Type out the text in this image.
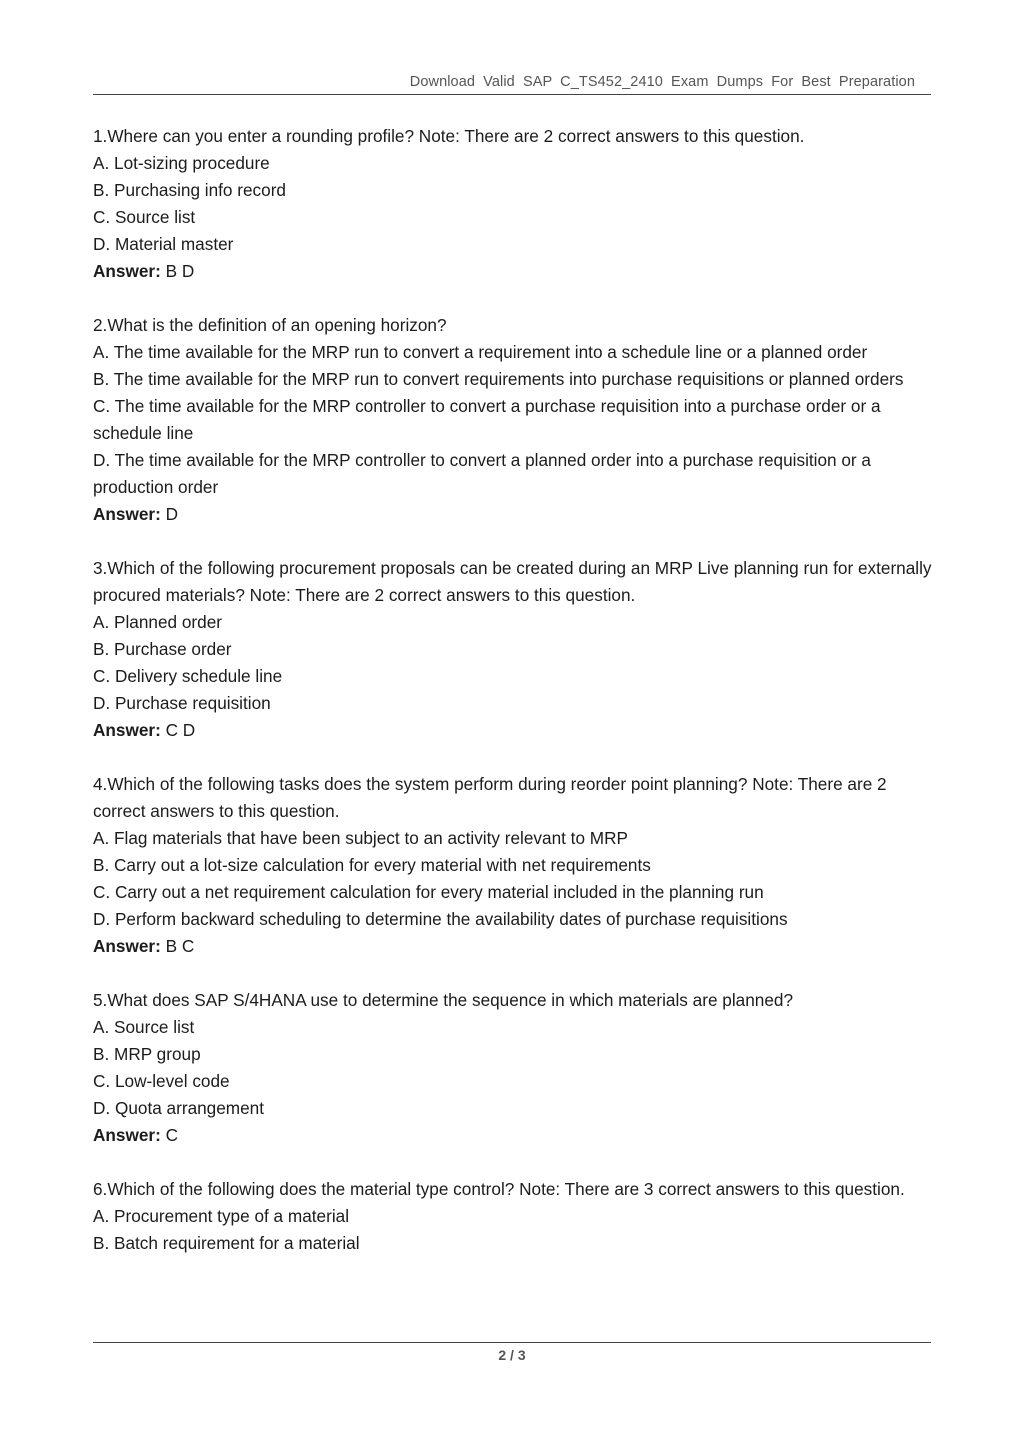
Download Valid SAP C_TS452_2410 Exam Dumps For Best Preparation

1.Where can you enter a rounding profile? Note: There are 2 correct answers to this question.

A. Lot-sizing procedure

B. Purchasing info record

C. Source list

D. Material master

Answer: B D

2.What is the definition of an opening horizon?

A. The time available for the MRP run to convert a requirement into a schedule line or a planned order

B. The time available for the MRP run to convert requirements into purchase requisitions or planned orders

C. The time available for the MRP controller to convert a purchase requisition into a purchase order or a schedule line

D. The time available for the MRP controller to convert a planned order into a purchase requisition or a production order

Answer: D

3.Which of the following procurement proposals can be created during an MRP Live planning run for externally procured materials? Note: There are 2 correct answers to this question.

A. Planned order

B. Purchase order

C. Delivery schedule line

D. Purchase requisition

Answer: C D

4.Which of the following tasks does the system perform during reorder point planning? Note: There are 2 correct answers to this question.

A. Flag materials that have been subject to an activity relevant to MRP

B. Carry out a lot-size calculation for every material with net requirements

C. Carry out a net requirement calculation for every material included in the planning run

D. Perform backward scheduling to determine the availability dates of purchase requisitions

Answer: B C

5.What does SAP S/4HANA use to determine the sequence in which materials are planned?

A. Source list

B. MRP group

C. Low-level code

D. Quota arrangement

Answer: C

6.Which of the following does the material type control? Note: There are 3 correct answers to this question.

A. Procurement type of a material

B. Batch requirement for a material

2 / 3
